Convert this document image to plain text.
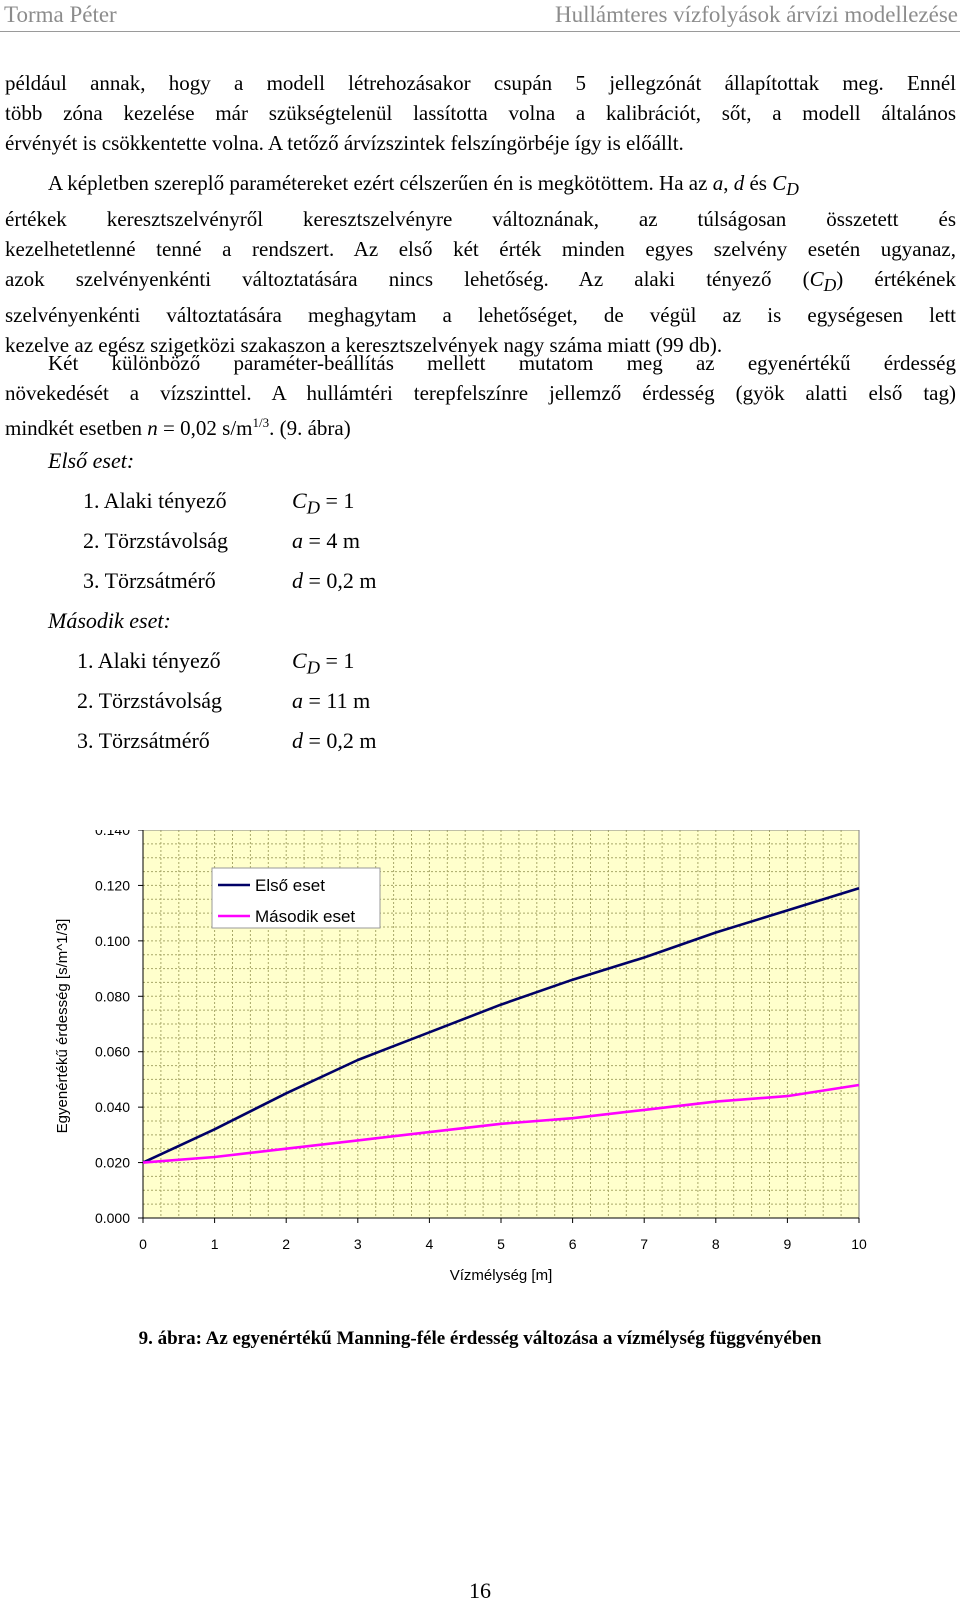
Torma Péter	Hullámteres vízfolyások árvízi modellezése
például annak, hogy a modell létrehozásakor csupán 5 jellegzónát állapítottak meg. Ennél
több zóna kezelése már szükségtelenül lassította volna a kalibrációt, sőt, a modell általános
érvényét is csökkentette volna. A tetőző árvízszintek felszíngörbéje így is előállt.
A képletben szereplő paramétereket ezért célszerűen én is megkötöttem. Ha az a, d és $C_D$
értékek keresztszelvényről keresztszelvényre változnának, az túlságosan összetett és
kezelhetetlenné tenné a rendszert. Az első két érték minden egyes szelvény esetén ugyanaz,
azok szelvényenkénti változtatására nincs lehetőség. Az alaki tényező $(C_D)$ értékének
szelvényenkénti változtatására meghagytam a lehetőséget, de végül az is egységesen lett
kezelve az egész szigetközi szakaszon a keresztszelvények nagy száma miatt (99 db).
Két különböző paraméter-beállítás mellett mutatom meg az egyenértékű érdesség
növekedését a vízszinttel. A hullámtéri terepfelszínre jellemző érdesség (gyök alatti első tag)
mindkét esetben n = 0,02 $s/m^{1/3}$. (9. ábra)
Első eset:
1. Alaki tényező	$C_D = 1$
2. Törzstávolság	a = 4 m
3. Törzsátmérő	d = 0,2 m
Második eset:
1. Alaki tényező	$C_D = 1$
2. Törzstávolság	a = 11 m
3. Törzsátmérő	d = 0,2 m
0.000
0.020
0.040
0.060
0.080
0.100
0.120
0.140
0	1	2	3	4	5	6	7	8	9	10
Első eset
Második eset
Vízmélység [m]
Egyenértékű érdesség [s/m^1/3]
9. ábra: Az egyenértékű Manning-féle érdesség változása a vízmélység függvényében
16
